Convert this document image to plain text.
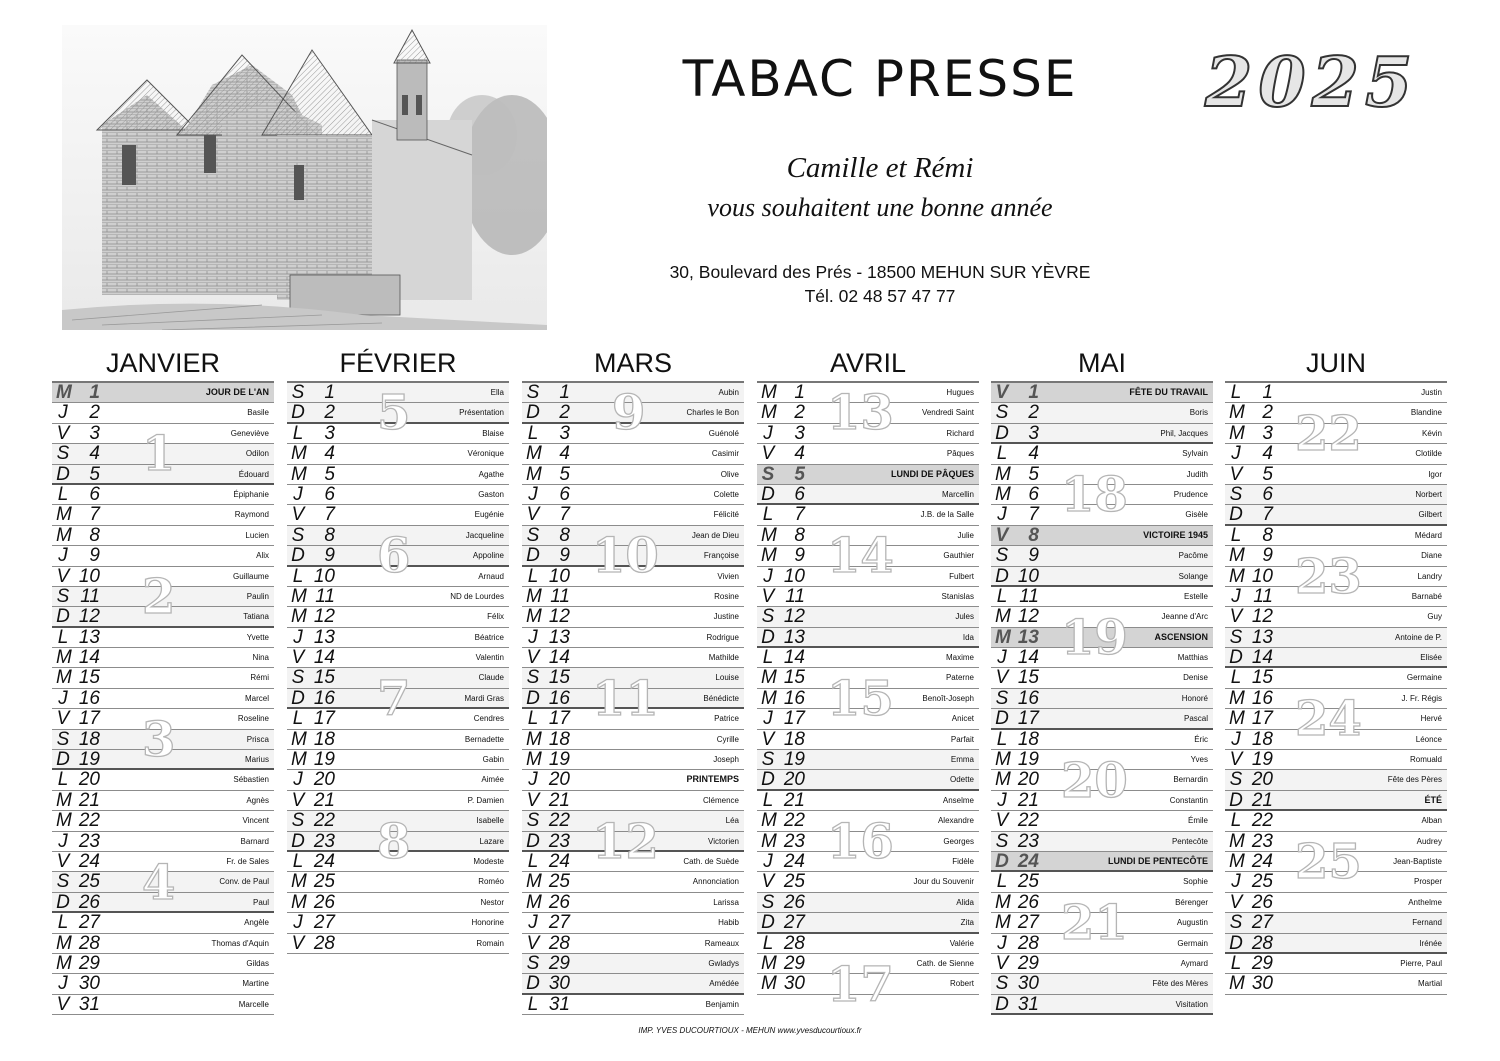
TABAC PRESSE	2025
Camille et Rémi
vous souhaitent une bonne année
30, Boulevard des Prés - 18500 MEHUN SUR YÈVRE
Tél. 02 48 57 47 77
JANVIER
M 1	JOUR DE L'AN
J	2	Basile
V	3	Geneviève
S	4	Odilon
D	5	Édouard
L	6	Épiphanie
M 7	Raymond
M 8	Lucien
J	9	Alix
V 10	Guillaume
S 11	Paulin
D 12	Tatiana
L 13	Yvette
M 14	Nina
M 15	Rémi
J 16	Marcel
V 17	Roseline
S 18	Prisca
D 19	Marius
L 20	Sébastien
M 21	Agnès
M 22	Vincent
J 23	Barnard
V 24	Fr. de Sales
S 25	Conv. de Paul
D 26	Paul
L 27	Angèle
M 28	Thomas d'Aquin
M 29	Gildas
J 30	Martine
V 31	Marcelle
1
2
3
4
FÉVRIER
S	1	Ella
D	2	Présentation
L	3	Blaise
M 4	Véronique
M 5	Agathe
J	6	Gaston
V	7	Eugénie
S	8	Jacqueline
D	9	Appoline
L 10	Arnaud
M 11	ND de Lourdes
M 12	Félix
J 13	Béatrice
V 14	Valentin
S 15	Claude
D 16	Mardi Gras
L 17	Cendres
M 18	Bernadette
M 19	Gabin
J 20	Aimée
V 21	P. Damien
S 22	Isabelle
D 23	Lazare
L 24	Modeste
M 25	Roméo
M 26	Nestor
J 27	Honorine
V 28	Romain
5
6
7
8
MARS
S	1	Aubin
D	2	Charles le Bon
L	3	Guénolé
M 4	Casimir
M 5	Olive
J	6	Colette
V	7	Félicité
S	8	Jean de Dieu
D	9	Françoise
L 10	Vivien
M 11	Rosine
M 12	Justine
J 13	Rodrigue
V 14	Mathilde
S 15	Louise
D 16	Bénédicte
L 17	Patrice
M 18	Cyrille
M 19	Joseph
J 20	PRINTEMPS
V 21	Clémence
S 22	Léa
D 23	Victorien
L 24	Cath. de Suède
M 25	Annonciation
M 26	Larissa
J 27	Habib
V 28	Rameaux
S 29	Gwladys
D 30	Amédée
L 31	Benjamin
9
10
11
12
AVRIL
M 1	Hugues
M 2	Vendredi Saint
J	3	Richard
V	4	Pâques
S	5	LUNDI DE PÂQUES
D	6	Marcellin
L	7	J.B. de la Salle
M 8	Julie
M 9	Gauthier
J 10	Fulbert
V 11	Stanislas
S 12	Jules
D 13	Ida
L 14	Maxime
M 15	Paterne
M 16	Benoît-Joseph
J 17	Anicet
V 18	Parfait
S 19	Emma
D 20	Odette
L 21	Anselme
M 22	Alexandre
M 23	Georges
J 24	Fidèle
V 25	Jour du Souvenir
S 26	Alida
D 27	Zita
L 28	Valérie
M 29	Cath. de Sienne
M 30	Robert
13
14
15
16
17
MAI
V	1	FÊTE DU TRAVAIL
S	2	Boris
D	3	Phil, Jacques
L	4	Sylvain
M 5	Judith
M 6	Prudence
J	7	Gisèle
V	8	VICTOIRE 1945
S	9	Pacôme
D 10	Solange
L 11	Estelle
M 12	Jeanne d'Arc
M 13	ASCENSION
J 14	Matthias
V 15	Denise
S 16	Honoré
D 17	Pascal
L 18	Éric
M 19	Yves
M 20	Bernardin
J 21	Constantin
V 22	Émile
S 23	Pentecôte
D 24	LUNDI DE PENTECÔTE
L 25	Sophie
M 26	Bérenger
M 27	Augustin
J 28	Germain
V 29	Aymard
S 30	Fête des Mères
D 31	Visitation
18
19
20
21
JUIN
L	1	Justin
M 2	Blandine
M 3	Kévin
J	4	Clotilde
V	5	Igor
S	6	Norbert
D	7	Gilbert
L	8	Médard
M 9	Diane
M 10	Landry
J 11	Barnabé
V 12	Guy
S 13	Antoine de P.
D 14	Elisée
L 15	Germaine
M 16	J. Fr. Régis
M 17	Hervé
J 18	Léonce
V 19	Romuald
S 20	Fête des Pères
D 21	ÉTÉ
L 22	Alban
M 23	Audrey
M 24	Jean-Baptiste
J 25	Prosper
V 26	Anthelme
S 27	Fernand
D 28	Irénée
L 29	Pierre, Paul
M 30	Martial
22
23
24
25
IMP. YVES DUCOURTIOUX - MEHUN www.yvesducourtioux.fr
